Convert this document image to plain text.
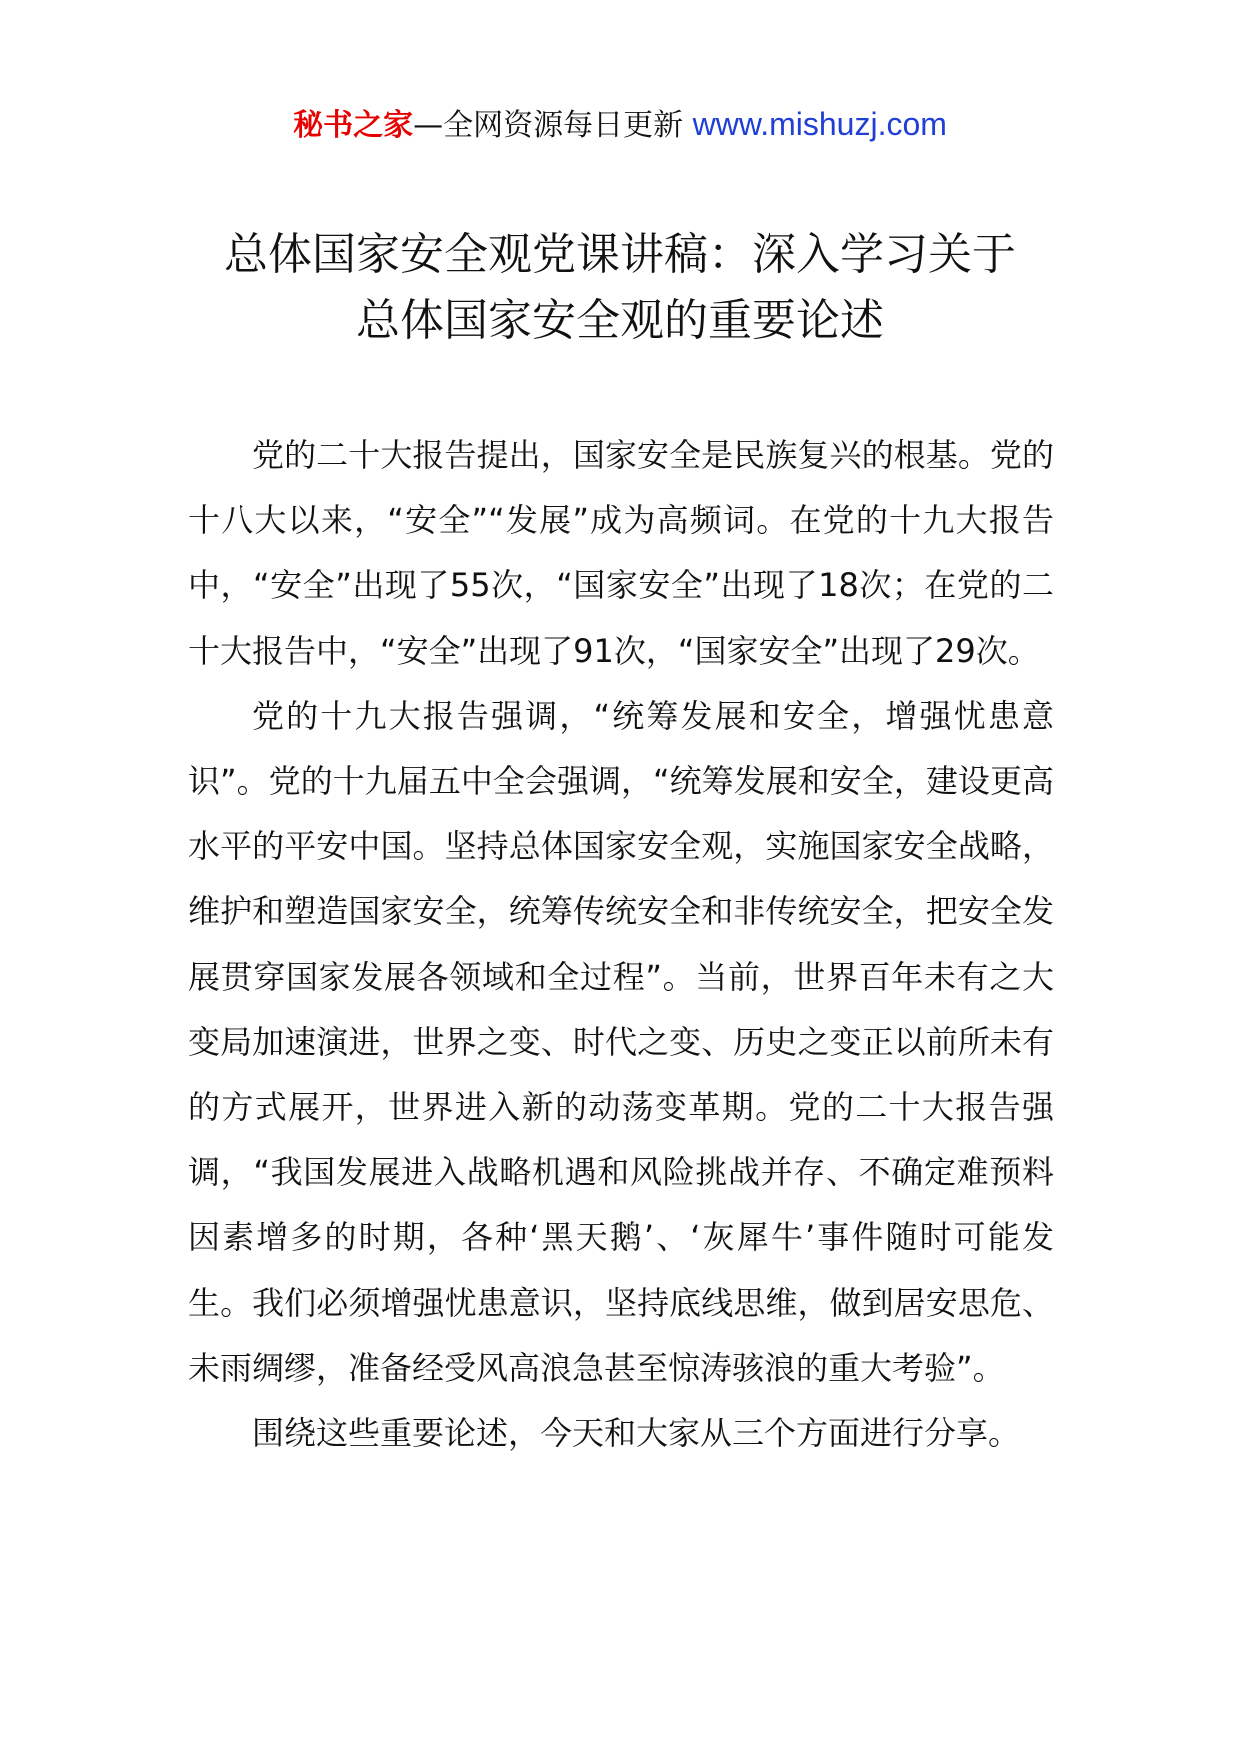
秘书之家—全网资源每日更新 www.mishuzj.com
总体国家安全观党课讲稿：深入学习关于
总体国家安全观的重要论述

党的二十大报告提出，国家安全是民族复兴的根基。党的十八大以来，“安全”“发展”成为高频词。在党的十九大报告中，“安全”出现了55次，“国家安全”出现了18次；在党的二十大报告中，“安全”出现了91次，“国家安全”出现了29次。

党的十九大报告强调，“统筹发展和安全，增强忧患意识”。党的十九届五中全会强调，“统筹发展和安全，建设更高水平的平安中国。坚持总体国家安全观，实施国家安全战略，维护和塑造国家安全，统筹传统安全和非传统安全，把安全发展贯穿国家发展各领域和全过程”。当前，世界百年未有之大变局加速演进，世界之变、时代之变、历史之变正以前所未有的方式展开，世界进入新的动荡变革期。党的二十大报告强调，“我国发展进入战略机遇和风险挑战并存、不确定难预料因素增多的时期，各种‘黑天鹅’、‘灰犀牛’事件随时可能发生。我们必须增强忧患意识，坚持底线思维，做到居安思危、未雨绸缪，准备经受风高浪急甚至惊涛骇浪的重大考验”。

围绕这些重要论述，今天和大家从三个方面进行分享。
